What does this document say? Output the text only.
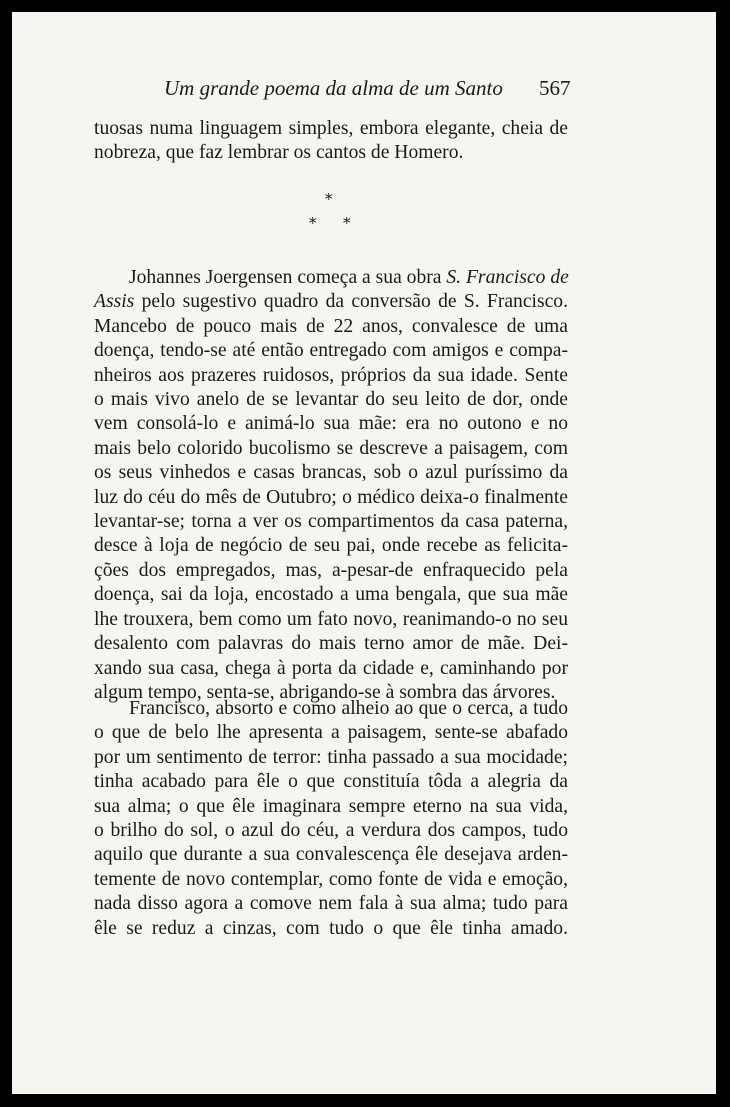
Um grande poema da alma de um Santo 567
tuosas numa linguagem simples, embora elegante, cheia de
nobreza, que faz lembrar os cantos de Homero.
*
* *
Johannes Joergensen começa a sua obra S. Francisco de
Assis pelo sugestivo quadro da conversão de S. Francisco.
Mancebo de pouco mais de 22 anos, convalesce de uma
doença, tendo-se até então entregado com amigos e compa-
nheiros aos prazeres ruidosos, próprios da sua idade. Sente
o mais vivo anelo de se levantar do seu leito de dor, onde
vem consolá-lo e animá-lo sua mãe: era no outono e no
mais belo colorido bucolismo se descreve a paisagem, com
os seus vinhedos e casas brancas, sob o azul puríssimo da
luz do céu do mês de Outubro; o médico deixa-o finalmente
levantar-se; torna a ver os compartimentos da casa paterna,
desce à loja de negócio de seu pai, onde recebe as felicita-
ções dos empregados, mas, a-pesar-de enfraquecido pela
doença, sai da loja, encostado a uma bengala, que sua mãe
lhe trouxera, bem como um fato novo, reanimando-o no seu
desalento com palavras do mais terno amor de mãe. Dei-
xando sua casa, chega à porta da cidade e, caminhando por
algum tempo, senta-se, abrigando-se à sombra das árvores.
Francisco, absorto e como alheio ao que o cerca, a tudo
o que de belo lhe apresenta a paisagem, sente-se abafado
por um sentimento de terror: tinha passado a sua mocidade;
tinha acabado para êle o que constituía tôda a alegria da
sua alma; o que êle imaginara sempre eterno na sua vida,
o brilho do sol, o azul do céu, a verdura dos campos, tudo
aquilo que durante a sua convalescença êle desejava arden-
temente de novo contemplar, como fonte de vida e emoção,
nada disso agora a comove nem fala à sua alma; tudo para
êle se reduz a cinzas, com tudo o que êle tinha amado.
